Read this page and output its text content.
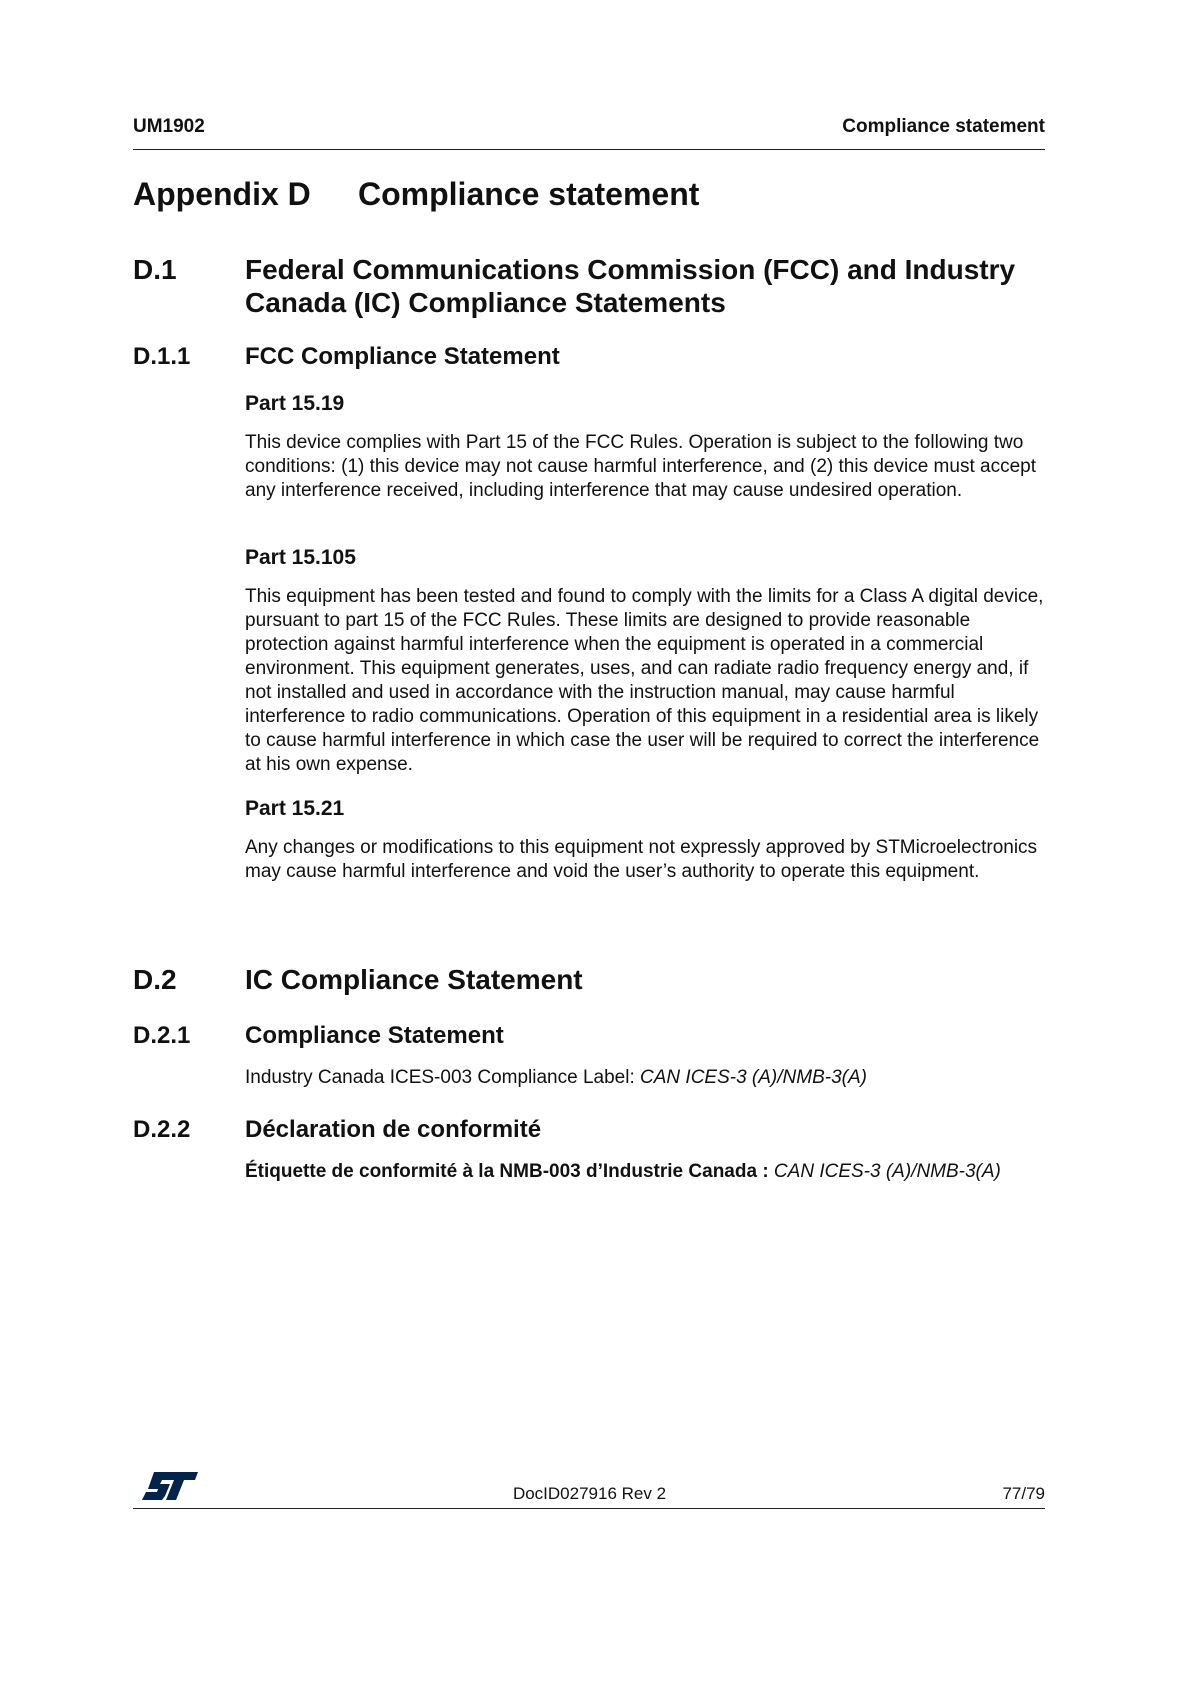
UM1902	Compliance statement
Appendix D Compliance statement
D.1 Federal Communications Commission (FCC) and Industry Canada (IC) Compliance Statements
D.1.1 FCC Compliance Statement
Part 15.19
This device complies with Part 15 of the FCC Rules. Operation is subject to the following two conditions: (1) this device may not cause harmful interference, and (2) this device must accept any interference received, including interference that may cause undesired operation.
Part 15.105
This equipment has been tested and found to comply with the limits for a Class A digital device, pursuant to part 15 of the FCC Rules. These limits are designed to provide reasonable protection against harmful interference when the equipment is operated in a commercial environment. This equipment generates, uses, and can radiate radio frequency energy and, if not installed and used in accordance with the instruction manual, may cause harmful interference to radio communications. Operation of this equipment in a residential area is likely to cause harmful interference in which case the user will be required to correct the interference at his own expense.
Part 15.21
Any changes or modifications to this equipment not expressly approved by STMicroelectronics may cause harmful interference and void the user’s authority to operate this equipment.
D.2 IC Compliance Statement
D.2.1 Compliance Statement
Industry Canada ICES-003 Compliance Label: CAN ICES-3 (A)/NMB-3(A)
D.2.2 Déclaration de conformité
Étiquette de conformité à la NMB-003 d’Industrie Canada : CAN ICES-3 (A)/NMB-3(A)
DocID027916 Rev 2	77/79
